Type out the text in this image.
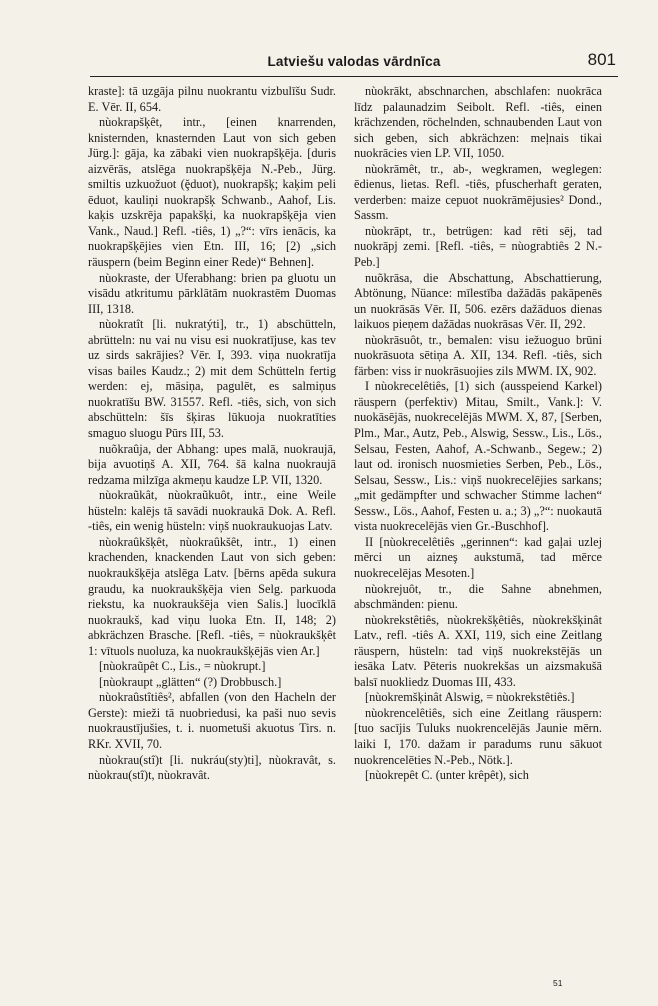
Latviešu valodas vārdnīca	801

kraste]: tā uzgāja pilnu nuokrantu vizbulīšu Sudr. E. Vēr. II, 654.

nùokrapšķêt, intr., [einen knarrenden, knisternden, knasternden Laut von sich geben Jürg.]: gāja, ka zābaki vien nuokrapšķēja. [duris aizvērās, atslēga nuokrapšķēja N.-Peb., Jürg. smiltis uzkuožuot (ḝduot), nuokrapšķ; kaķim peli ēduot, kauliņi nuokrapšķ Schwanb., Aahof, Lis. kaķis uzskrēja papakšķi, ka nuokrapšķēja vien Vank., Naud.] Refl. -tiês, 1) „?“: vīrs ienācis, ka nuokrapšķējies vien Etn. III, 16; [2) „sich räuspern (beim Beginn einer Rede)“ Behnen].

nùokraste, der Uferabhang: brien pa gluotu un visādu atkritumu pārklātām nuokrastēm Duomas III, 1318.

nùokratît [li. nukratýti], tr., 1) abschütteln, abrütteln: nu vai nu visu esi nuokratījuse, kas tev uz sirds sakrājies? Vēr. I, 393. viņa nuokratīja visas bailes Kaudz.; 2) mit dem Schütteln fertig werden: ej, māsiņa, pagulēt, es salmiņus nuokratīšu BW. 31557. Refl. -tiês, sich, von sich abschütteln: šīs šķiras lūkuoja nuokratīties smaguo sluogu Pūrs III, 53.

nuõkraûja, der Abhang: upes malā, nuokraujā, bija avuotiņš A. XII, 764. šā kalna nuokraujā redzama milzīga akmeņu kaudze LP. VII, 1320.

nùokraũkât, nùokraũkuôt, intr., eine Weile hüsteln: kalējs tā savādi nuokraukā Dok. A. Refl. -tiês, ein wenig hüsteln: viņš nuokraukuojas Latv.

nùokraûkšķêt, nùokraûkšêt, intr., 1) einen krachenden, knackenden Laut von sich geben: nuokraukšķēja atslēga Latv. [bērns apēda sukura graudu, ka nuokraukšķēja vien Selg. parkuoda riekstu, ka nuokraukšēja vien Salis.] luocīklā nuokraukš, kad viņu luoka Etn. II, 148; 2) abkrächzen Brasche. [Refl. -tiês, = nùokraukšķêt 1: vītuols nuoluza, ka nuokraukšķējās vien Ar.]

[nùokraũpêt C., Lis., = nùokrupt.]

[nùokraupt „glätten“ (?) Drobbusch.]

nùokraûstîtiês², abfallen (von den Hacheln der Gerste): mieži tā nuobriedusi, ka paši nuo sevis nuokraustījušies, t. i. nuometuši akuotus Tirs. n. RKr. XVII, 70.

nùokrau(stî)t [li. nukráu(sty)ti], nùokravât, s. nùokrau(stî)t, nùokravât.

nùokrākt, abschnarchen, abschlafen: nuokrāca līdz palaunadzim Seibolt. Refl. -tiês, einen krächzenden, röchelnden, schnaubenden Laut von sich geben, sich abkrächzen: meļnais tikai nuokrācies vien LP. VII, 1050.

nùokrāmêt, tr., ab-, wegkramen, weglegen: ēdienus, lietas. Refl. -tiês, pfuscherhaft geraten, verderben: maize cepuot nuokrāmējusies² Dond., Sassm.

nùokrāpt, tr., betrügen: kad rēti sēj, tad nuokrāpj zemi. [Refl. -tiês, = nùograbtiês 2 N.-Peb.]

nuõkrāsa, die Abschattung, Abschattierung, Abtönung, Nüance: mīlestība dažādās pakāpenēs un nuokrāsās Vēr. II, 506. ezērs dažāduos dienas laikuos pieņem dažādas nuokrāsas Vēr. II, 292.

nùokrāsuôt, tr., bemalen: visu iežuoguo brūni nuokrāsuota sētiņa A. XII, 134. Refl. -tiês, sich färben: viss ir nuokrāsuojies zils MWM. IX, 902.

I nùokrecelêtiês, [1) sich (ausspeiend Karkel) räuspern (perfektiv) Mitau, Smilt., Vank.]: V. nuokāsējās, nuokrecelējās MWM. X, 87, [Serben, Plm., Mar., Autz, Peb., Alswig, Sessw., Lis., Lös., Selsau, Festen, Aahof, A.-Schwanb., Segew.; 2) laut od. ironisch nuosmieties Serben, Peb., Lös., Selsau, Sessw., Lis.: viņš nuokrecelējies sarkans; „mit gedämpfter und schwacher Stimme lachen“ Sessw., Lös., Aahof, Festen u. a.; 3) „?“: nuokautā vista nuokrecelējās vien Gr.-Buschhof].

II [nùokrecelêtiês „gerinnen“: kad gaļai uzlej mērci un aizneş aukstumā, tad mērce nuokrecelējas Mesoten.]

nùokrejuôt, tr., die Sahne abnehmen, abschmänden: pienu.

nùokrekstêtiês, nùokrekšķêtiês, nùokrekšķinât Latv., refl. -tiês A. XXI, 119, sich eine Zeitlang räuspern, hüsteln: tad viņš nuokrekstējās un iesāka Latv. Pēteris nuokrekšas un aizsmakušā balsī nuokliedz Duomas III, 433.

[nùokremšķinât Alswig, = nùokrekstêtiês.]

nùokrencelêtiês, sich eine Zeitlang räuspern: [tuo sacījis Tuluks nuokrencelējās Jaunie mērn. laiki I, 170. dažam ir paradums runu sākuot nuokrencelēties N.-Peb., Nötk.].

[nùokrepêt C. (unter krêpêt), sich

51
